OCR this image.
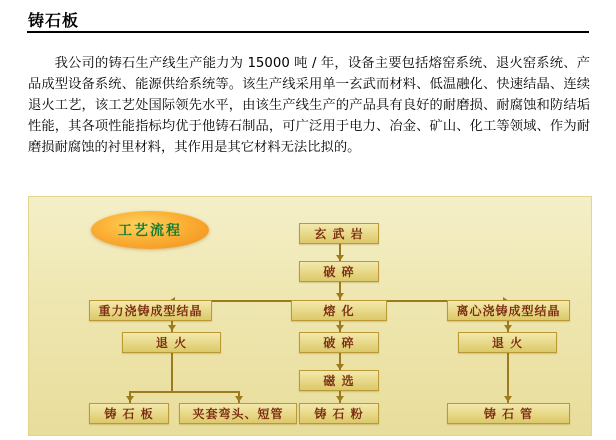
铸石板

我公司的铸石生产线生产能力为 15000 吨 / 年，设备主要包括熔窑系统、退火窑系统、产品成型设备系统、能源供给系统等。该生产线采用单一玄武而材料、低温融化、快速结晶、连续退火工艺，该工艺处国际领先水平，由该生产线生产的产品具有良好的耐磨损、耐腐蚀和防结垢性能，其各项性能指标均优于他铸石制品，可广泛用于电力、冶金、矿山、化工等领域、作为耐磨损耐腐蚀的衬里材料，其作用是其它材料无法比拟的。

工艺流程	玄 武 岩
破 碎
熔 化
重力浇铸成型结晶	离心浇铸成型结晶
退 火	破 碎	退 火
磁 选
铸 石 板	夹套弯头、短管	铸 石 粉	铸 石 管
